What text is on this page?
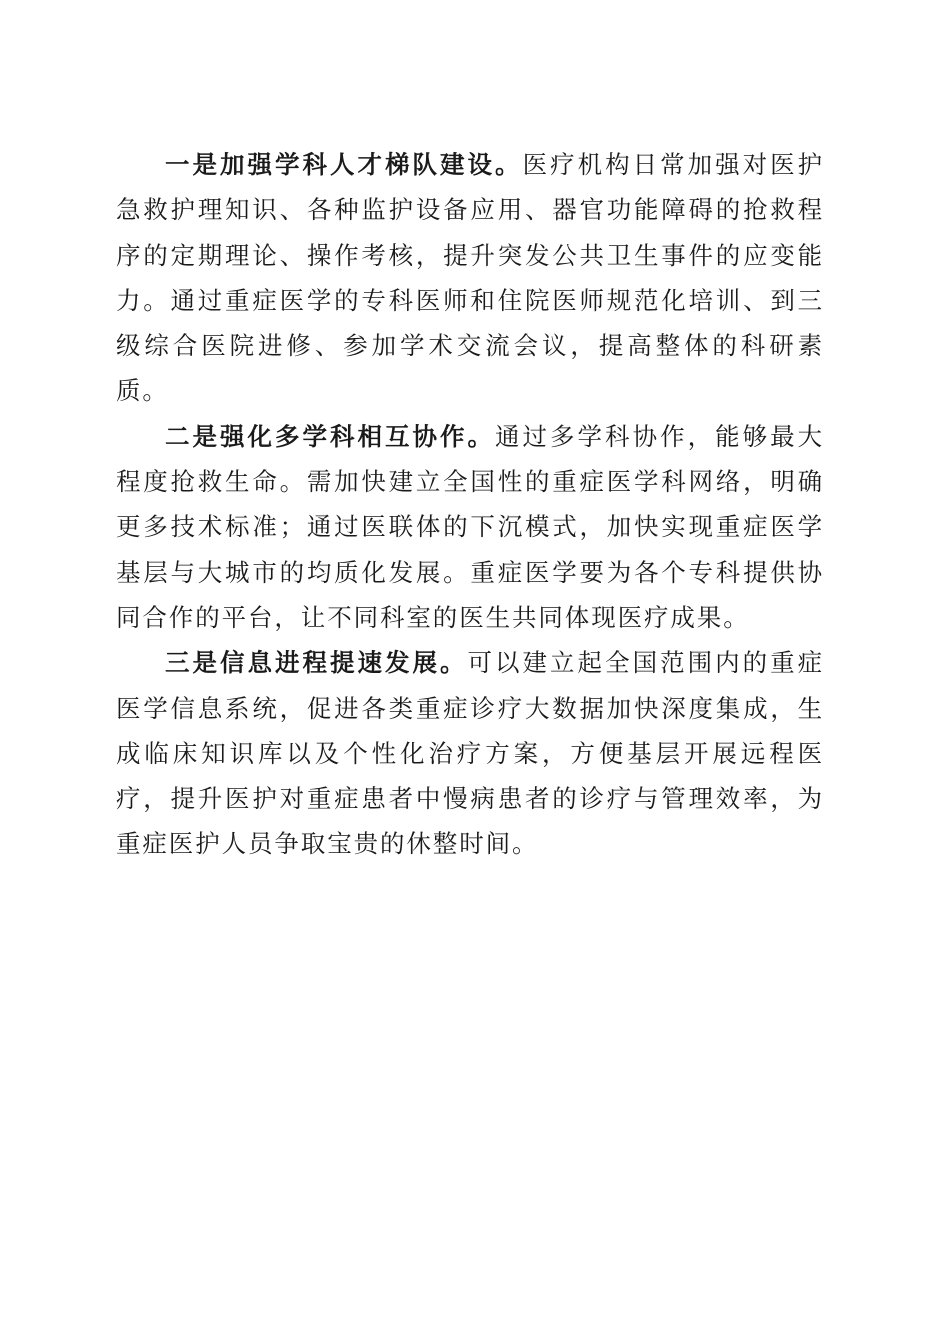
一是加强学科人才梯队建设。医疗机构日常加强对医护急救护理知识、各种监护设备应用、器官功能障碍的抢救程序的定期理论、操作考核，提升突发公共卫生事件的应变能力。通过重症医学的专科医师和住院医师规范化培训、到三级综合医院进修、参加学术交流会议，提高整体的科研素质。

二是强化多学科相互协作。通过多学科协作，能够最大程度抢救生命。需加快建立全国性的重症医学科网络，明确更多技术标准；通过医联体的下沉模式，加快实现重症医学基层与大城市的均质化发展。重症医学要为各个专科提供协同合作的平台，让不同科室的医生共同体现医疗成果。

三是信息进程提速发展。可以建立起全国范围内的重症医学信息系统，促进各类重症诊疗大数据加快深度集成，生成临床知识库以及个性化治疗方案，方便基层开展远程医疗，提升医护对重症患者中慢病患者的诊疗与管理效率，为重症医护人员争取宝贵的休整时间。
